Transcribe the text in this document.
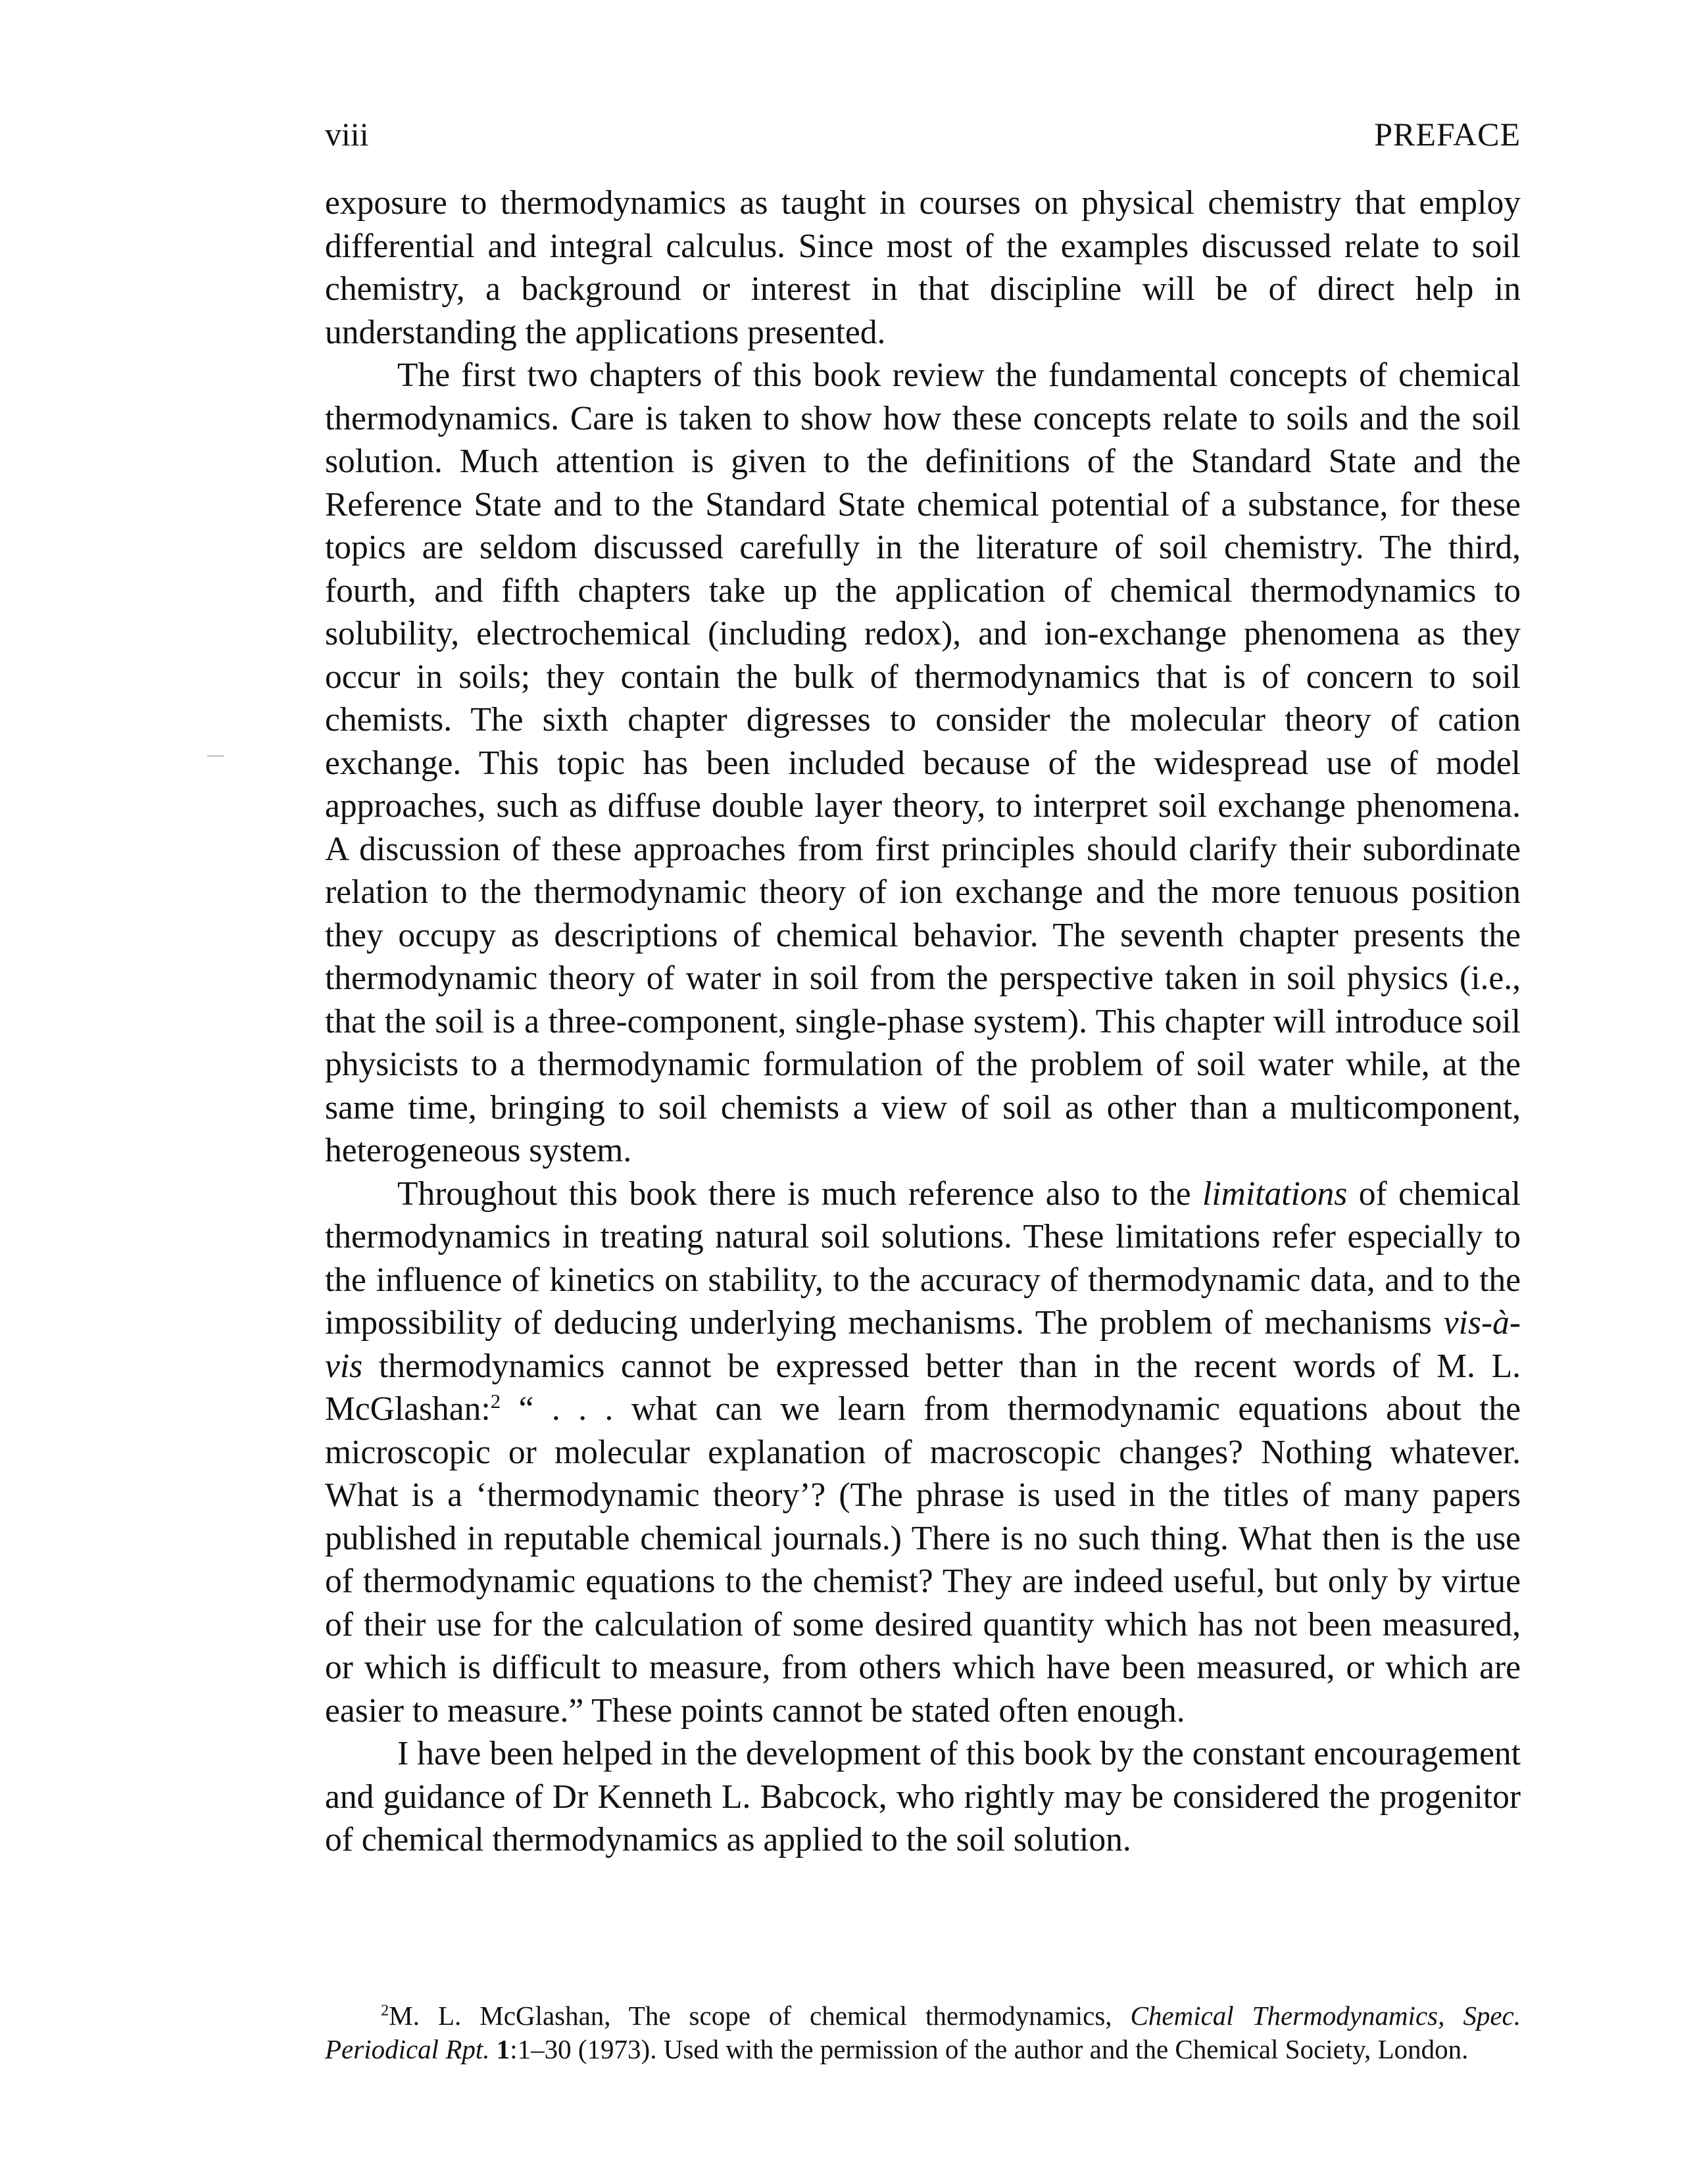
viii	PREFACE

exposure to thermodynamics as taught in courses on physical chemistry that employ differential and integral calculus. Since most of the examples discussed relate to soil chemistry, a background or interest in that discipline will be of direct help in understanding the applications presented.

The first two chapters of this book review the fundamental concepts of chemical thermodynamics. Care is taken to show how these concepts relate to soils and the soil solution. Much attention is given to the definitions of the Standard State and the Reference State and to the Standard State chemical potential of a substance, for these topics are seldom discussed carefully in the literature of soil chemistry. The third, fourth, and fifth chapters take up the application of chemical thermodynamics to solubility, electrochemical (including redox), and ion-exchange phenomena as they occur in soils; they contain the bulk of thermodynamics that is of concern to soil chemists. The sixth chapter digresses to consider the molecular theory of cation exchange. This topic has been included because of the widespread use of model approaches, such as diffuse double layer theory, to interpret soil exchange phenomena. A discussion of these approaches from first principles should clarify their subordinate relation to the thermodynamic theory of ion exchange and the more tenuous position they occupy as descriptions of chemical behavior. The seventh chapter presents the thermodynamic theory of water in soil from the perspective taken in soil physics (i.e., that the soil is a three-component, single-phase system). This chapter will introduce soil physicists to a thermodynamic formulation of the problem of soil water while, at the same time, bringing to soil chemists a view of soil as other than a multicomponent, heterogeneous system.

Throughout this book there is much reference also to the limitations of chemical thermodynamics in treating natural soil solutions. These limitations refer especially to the influence of kinetics on stability, to the accuracy of thermodynamic data, and to the impossibility of deducing underlying mechanisms. The problem of mechanisms vis-à-vis thermodynamics cannot be expressed better than in the recent words of M. L. McGlashan:$^2$ “ . . . what can we learn from thermodynamic equations about the microscopic or molecular explanation of macroscopic changes? Nothing whatever. What is a ‘thermodynamic theory’? (The phrase is used in the titles of many papers published in reputable chemical journals.) There is no such thing. What then is the use of thermodynamic equations to the chemist? They are indeed useful, but only by virtue of their use for the calculation of some desired quantity which has not been measured, or which is difficult to measure, from others which have been measured, or which are easier to measure.” These points cannot be stated often enough.

I have been helped in the development of this book by the constant encouragement and guidance of Dr Kenneth L. Babcock, who rightly may be considered the progenitor of chemical thermodynamics as applied to the soil solution.

$^2$M. L. McGlashan, The scope of chemical thermodynamics, Chemical Thermodynamics, Spec. Periodical Rpt. 1:1–30 (1973). Used with the permission of the author and the Chemical Society, London.
